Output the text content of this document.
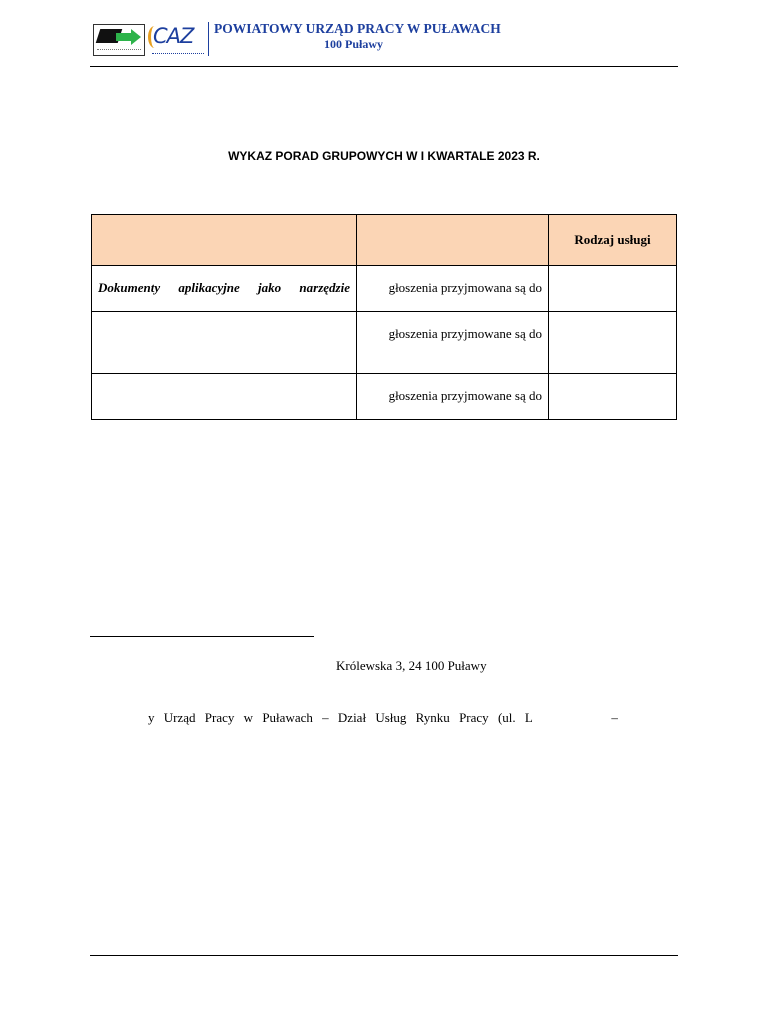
CAZ POWIATOWY URZĄD PRACY W PUŁAWACH
100 Puławy
WYKAZ PORAD GRUPOWYCH W I KWARTALE 2023 R.
		Rodzaj usługi
Dokumenty aplikacyjne jako narzędzie	głoszenia przyjmowana są do	
	głoszenia przyjmowane są do	
	głoszenia przyjmowane są do	
Królewska 3, 24 100 Puławy
y Urząd Pracy w Puławach – Dział Usług Rynku Pracy (ul. L	–
